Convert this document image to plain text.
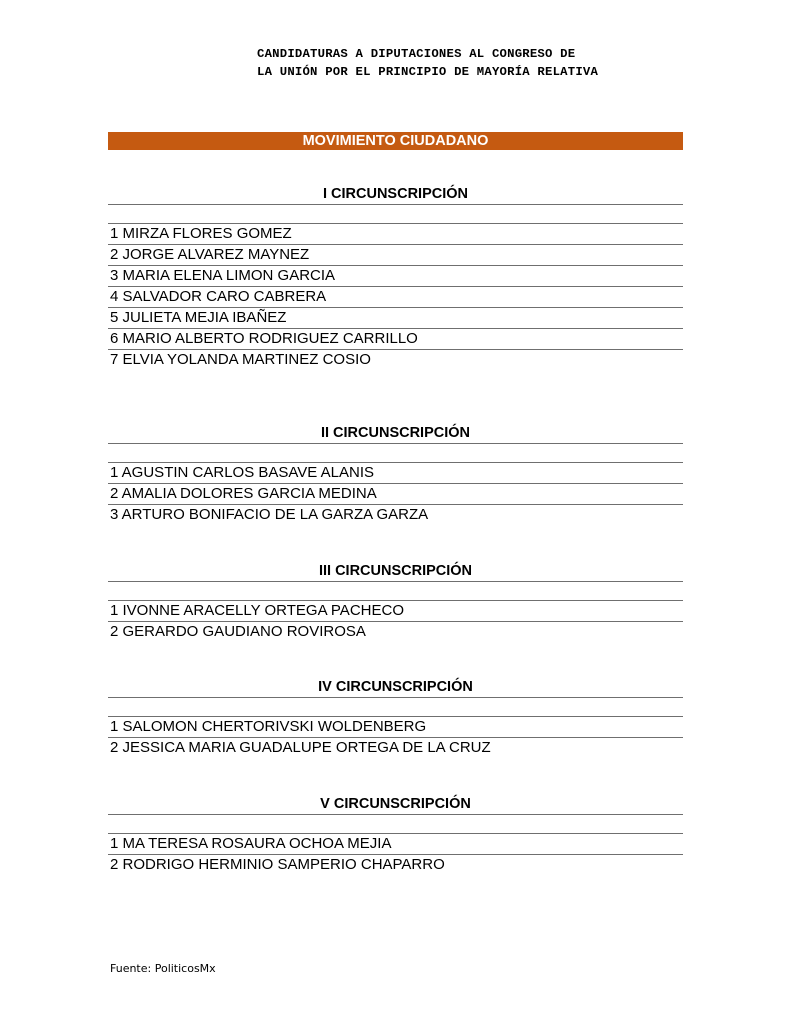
CANDIDATURAS A DIPUTACIONES AL CONGRESO DE
LA UNIÓN POR EL PRINCIPIO DE MAYORÍA RELATIVA
MOVIMIENTO CIUDADANO
I CIRCUNSCRIPCIÓN
1 MIRZA FLORES GOMEZ
2 JORGE ALVAREZ MAYNEZ
3 MARIA ELENA LIMON GARCIA
4 SALVADOR CARO CABRERA
5 JULIETA MEJIA IBAÑEZ
6 MARIO ALBERTO RODRIGUEZ CARRILLO
7 ELVIA YOLANDA MARTINEZ COSIO
II CIRCUNSCRIPCIÓN
1 AGUSTIN CARLOS BASAVE ALANIS
2 AMALIA DOLORES GARCIA MEDINA
3 ARTURO BONIFACIO DE LA GARZA GARZA
III CIRCUNSCRIPCIÓN
1 IVONNE ARACELLY ORTEGA PACHECO
2 GERARDO GAUDIANO ROVIROSA
IV CIRCUNSCRIPCIÓN
1 SALOMON CHERTORIVSKI WOLDENBERG
2 JESSICA MARIA GUADALUPE ORTEGA DE LA CRUZ
V CIRCUNSCRIPCIÓN
1 MA TERESA ROSAURA OCHOA MEJIA
2 RODRIGO HERMINIO SAMPERIO CHAPARRO
Fuente: PoliticosMx
